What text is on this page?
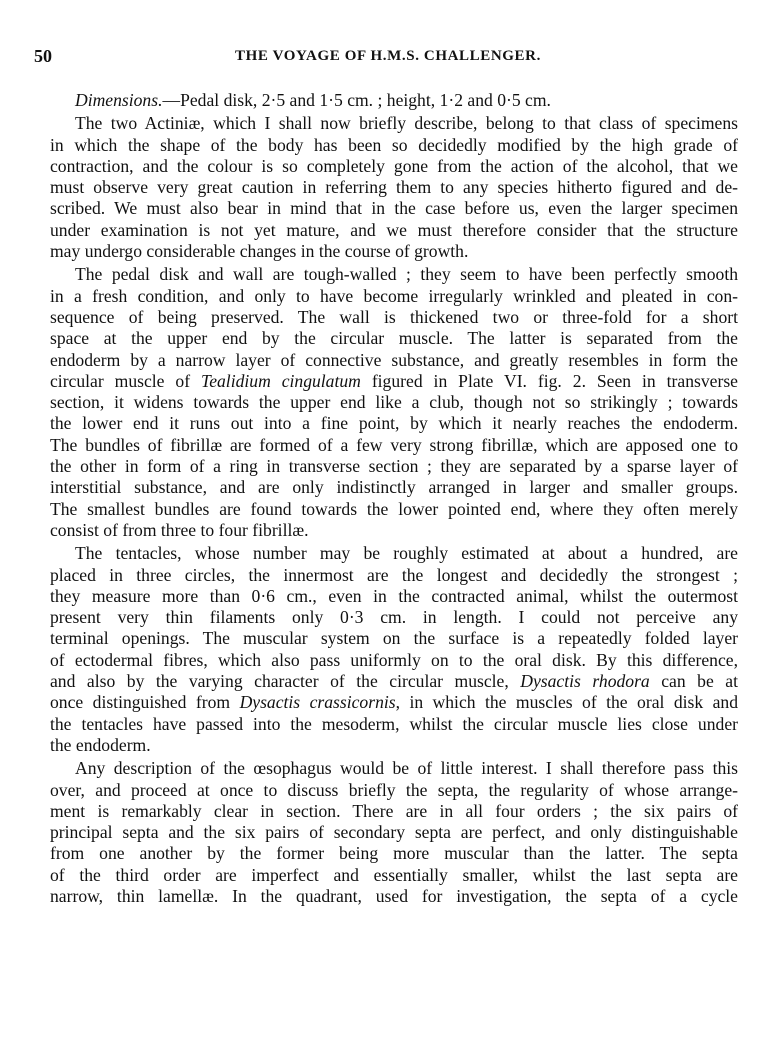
50	THE VOYAGE OF H.M.S. CHALLENGER.
Dimensions.—Pedal disk, 2·5 and 1·5 cm. ; height, 1·2 and 0·5 cm.
The two Actiniæ, which I shall now briefly describe, belong to that class of specimens
in which the shape of the body has been so decidedly modified by the high grade of
contraction, and the colour is so completely gone from the action of the alcohol, that we
must observe very great caution in referring them to any species hitherto figured and de-
scribed. We must also bear in mind that in the case before us, even the larger specimen
under examination is not yet mature, and we must therefore consider that the structure
may undergo considerable changes in the course of growth.
The pedal disk and wall are tough-walled ; they seem to have been perfectly smooth
in a fresh condition, and only to have become irregularly wrinkled and pleated in con-
sequence of being preserved. The wall is thickened two or three-fold for a short
space at the upper end by the circular muscle. The latter is separated from the
endoderm by a narrow layer of connective substance, and greatly resembles in form the
circular muscle of Tealidium cingulatum figured in Plate VI. fig. 2. Seen in transverse
section, it widens towards the upper end like a club, though not so strikingly ; towards
the lower end it runs out into a fine point, by which it nearly reaches the endoderm.
The bundles of fibrillæ are formed of a few very strong fibrillæ, which are apposed one to
the other in form of a ring in transverse section ; they are separated by a sparse layer of
interstitial substance, and are only indistinctly arranged in larger and smaller groups.
The smallest bundles are found towards the lower pointed end, where they often merely
consist of from three to four fibrillæ.
The tentacles, whose number may be roughly estimated at about a hundred, are
placed in three circles, the innermost are the longest and decidedly the strongest ;
they measure more than 0·6 cm., even in the contracted animal, whilst the outermost
present very thin filaments only 0·3 cm. in length. I could not perceive any
terminal openings. The muscular system on the surface is a repeatedly folded layer
of ectodermal fibres, which also pass uniformly on to the oral disk. By this difference,
and also by the varying character of the circular muscle, Dysactis rhodora can be at
once distinguished from Dysactis crassicornis, in which the muscles of the oral disk and
the tentacles have passed into the mesoderm, whilst the circular muscle lies close under
the endoderm.
Any description of the œsophagus would be of little interest. I shall therefore pass this
over, and proceed at once to discuss briefly the septa, the regularity of whose arrange-
ment is remarkably clear in section. There are in all four orders ; the six pairs of
principal septa and the six pairs of secondary septa are perfect, and only distinguishable
from one another by the former being more muscular than the latter. The septa
of the third order are imperfect and essentially smaller, whilst the last septa are
narrow, thin lamellæ. In the quadrant, used for investigation, the septa of a cycle
